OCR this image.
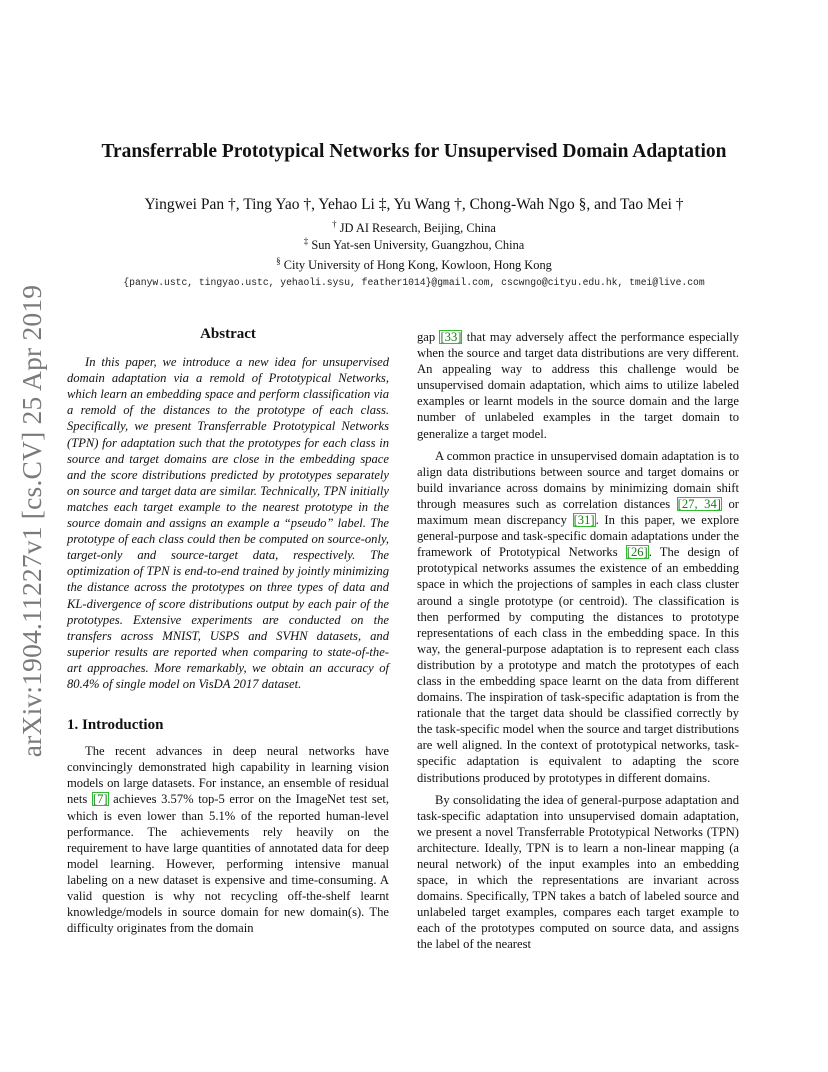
arXiv:1904.11227v1 [cs.CV] 25 Apr 2019
Transferrable Prototypical Networks for Unsupervised Domain Adaptation
Yingwei Pan †, Ting Yao †, Yehao Li ‡, Yu Wang †, Chong-Wah Ngo §, and Tao Mei †
† JD AI Research, Beijing, China
‡ Sun Yat-sen University, Guangzhou, China
§ City University of Hong Kong, Kowloon, Hong Kong
{panyw.ustc, tingyao.ustc, yehaoli.sysu, feather1014}@gmail.com, cscwngo@cityu.edu.hk, tmei@live.com
Abstract

In this paper, we introduce a new idea for unsupervised domain adaptation via a remold of Prototypical Networks, which learn an embedding space and perform classification via a remold of the distances to the prototype of each class. Specifically, we present Transferrable Prototypical Networks (TPN) for adaptation such that the prototypes for each class in source and target domains are close in the embedding space and the score distributions predicted by prototypes separately on source and target data are similar. Technically, TPN initially matches each target example to the nearest prototype in the source domain and assigns an example a “pseudo” label. The prototype of each class could then be computed on source-only, target-only and source-target data, respectively. The optimization of TPN is end-to-end trained by jointly minimizing the distance across the prototypes on three types of data and KL-divergence of score distributions output by each pair of the prototypes. Extensive experiments are conducted on the transfers across MNIST, USPS and SVHN datasets, and superior results are reported when comparing to state-of-the-art approaches. More remarkably, we obtain an accuracy of 80.4% of single model on VisDA 2017 dataset.

1. Introduction

The recent advances in deep neural networks have convincingly demonstrated high capability in learning vision models on large datasets. For instance, an ensemble of residual nets [7] achieves 3.57% top-5 error on the ImageNet test set, which is even lower than 5.1% of the reported human-level performance. The achievements rely heavily on the requirement to have large quantities of annotated data for deep model learning. However, performing intensive manual labeling on a new dataset is expensive and time-consuming. A valid question is why not recycling off-the-shelf learnt knowledge/models in source domain for new domain(s). The difficulty originates from the domain

gap [33] that may adversely affect the performance especially when the source and target data distributions are very different. An appealing way to address this challenge would be unsupervised domain adaptation, which aims to utilize labeled examples or learnt models in the source domain and the large number of unlabeled examples in the target domain to generalize a target model.

A common practice in unsupervised domain adaptation is to align data distributions between source and target domains or build invariance across domains by minimizing domain shift through measures such as correlation distances [27, 34] or maximum mean discrepancy [31]. In this paper, we explore general-purpose and task-specific domain adaptations under the framework of Prototypical Networks [26]. The design of prototypical networks assumes the existence of an embedding space in which the projections of samples in each class cluster around a single prototype (or centroid). The classification is then performed by computing the distances to prototype representations of each class in the embedding space. In this way, the general-purpose adaptation is to represent each class distribution by a prototype and match the prototypes of each class in the embedding space learnt on the data from different domains. The inspiration of task-specific adaptation is from the rationale that the target data should be classified correctly by the task-specific model when the source and target distributions are well aligned. In the context of prototypical networks, task-specific adaptation is equivalent to adapting the score distributions produced by prototypes in different domains.

By consolidating the idea of general-purpose adaptation and task-specific adaptation into unsupervised domain adaptation, we present a novel Transferrable Prototypical Networks (TPN) architecture. Ideally, TPN is to learn a non-linear mapping (a neural network) of the input examples into an embedding space, in which the representations are invariant across domains. Specifically, TPN takes a batch of labeled source and unlabeled target examples, compares each target example to each of the prototypes computed on source data, and assigns the label of the nearest
